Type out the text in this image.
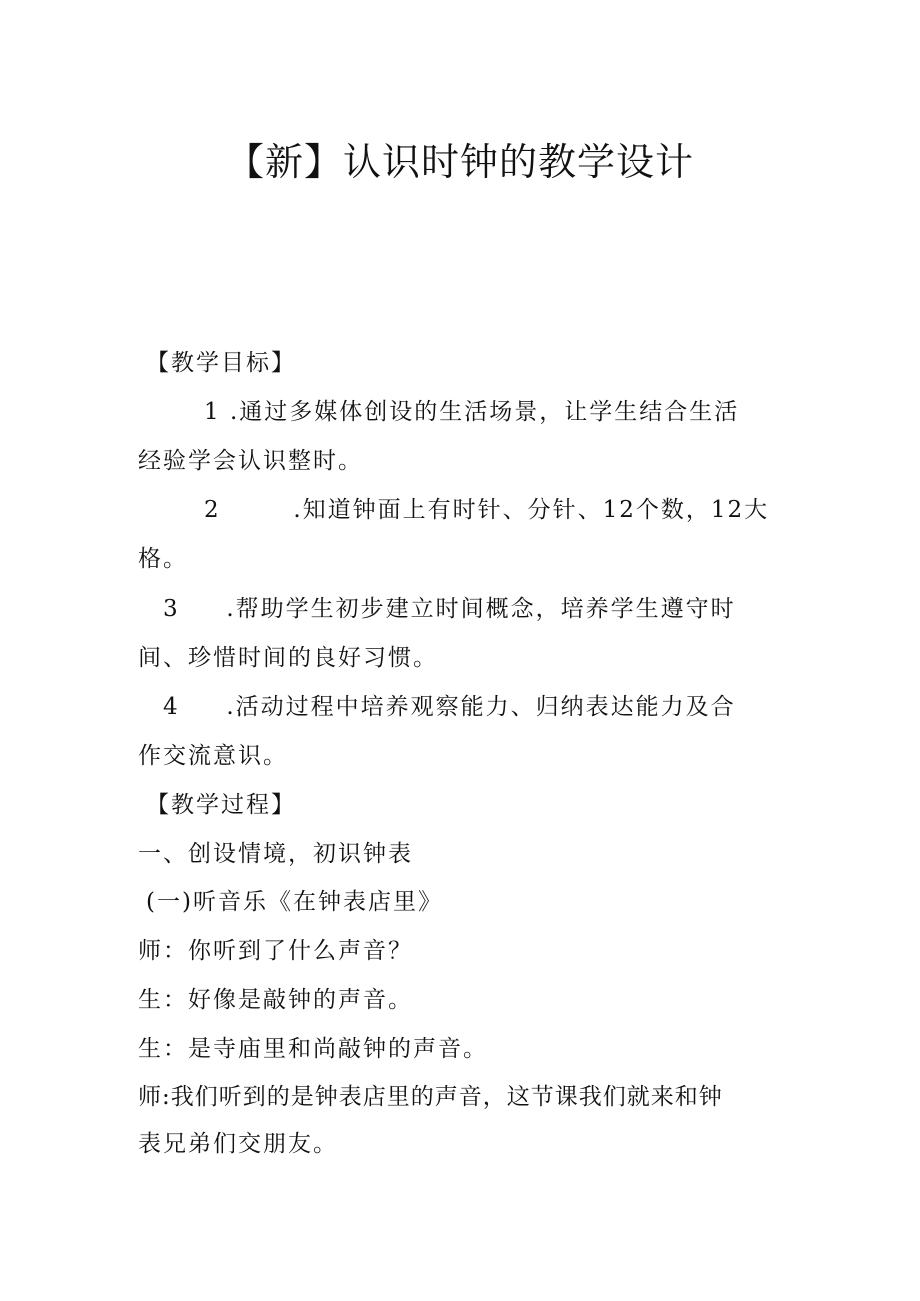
【新】认识时钟的教学设计
【教学目标】
1 .通过多媒体创设的生活场景，让学生结合生活
经验学会认识整时。
2	.知道钟面上有时针、分针、12个数，12大
格。
3 .帮助学生初步建立时间概念，培养学生遵守时
间、珍惜时间的良好习惯。
4 .活动过程中培养观察能力、归纳表达能力及合
作交流意识。
【教学过程】
一、创设情境，初识钟表
(一)听音乐《在钟表店里》
师：你听到了什么声音？
生：好像是敲钟的声音。
生：是寺庙里和尚敲钟的声音。
师:我们听到的是钟表店里的声音，这节课我们就来和钟
表兄弟们交朋友。
